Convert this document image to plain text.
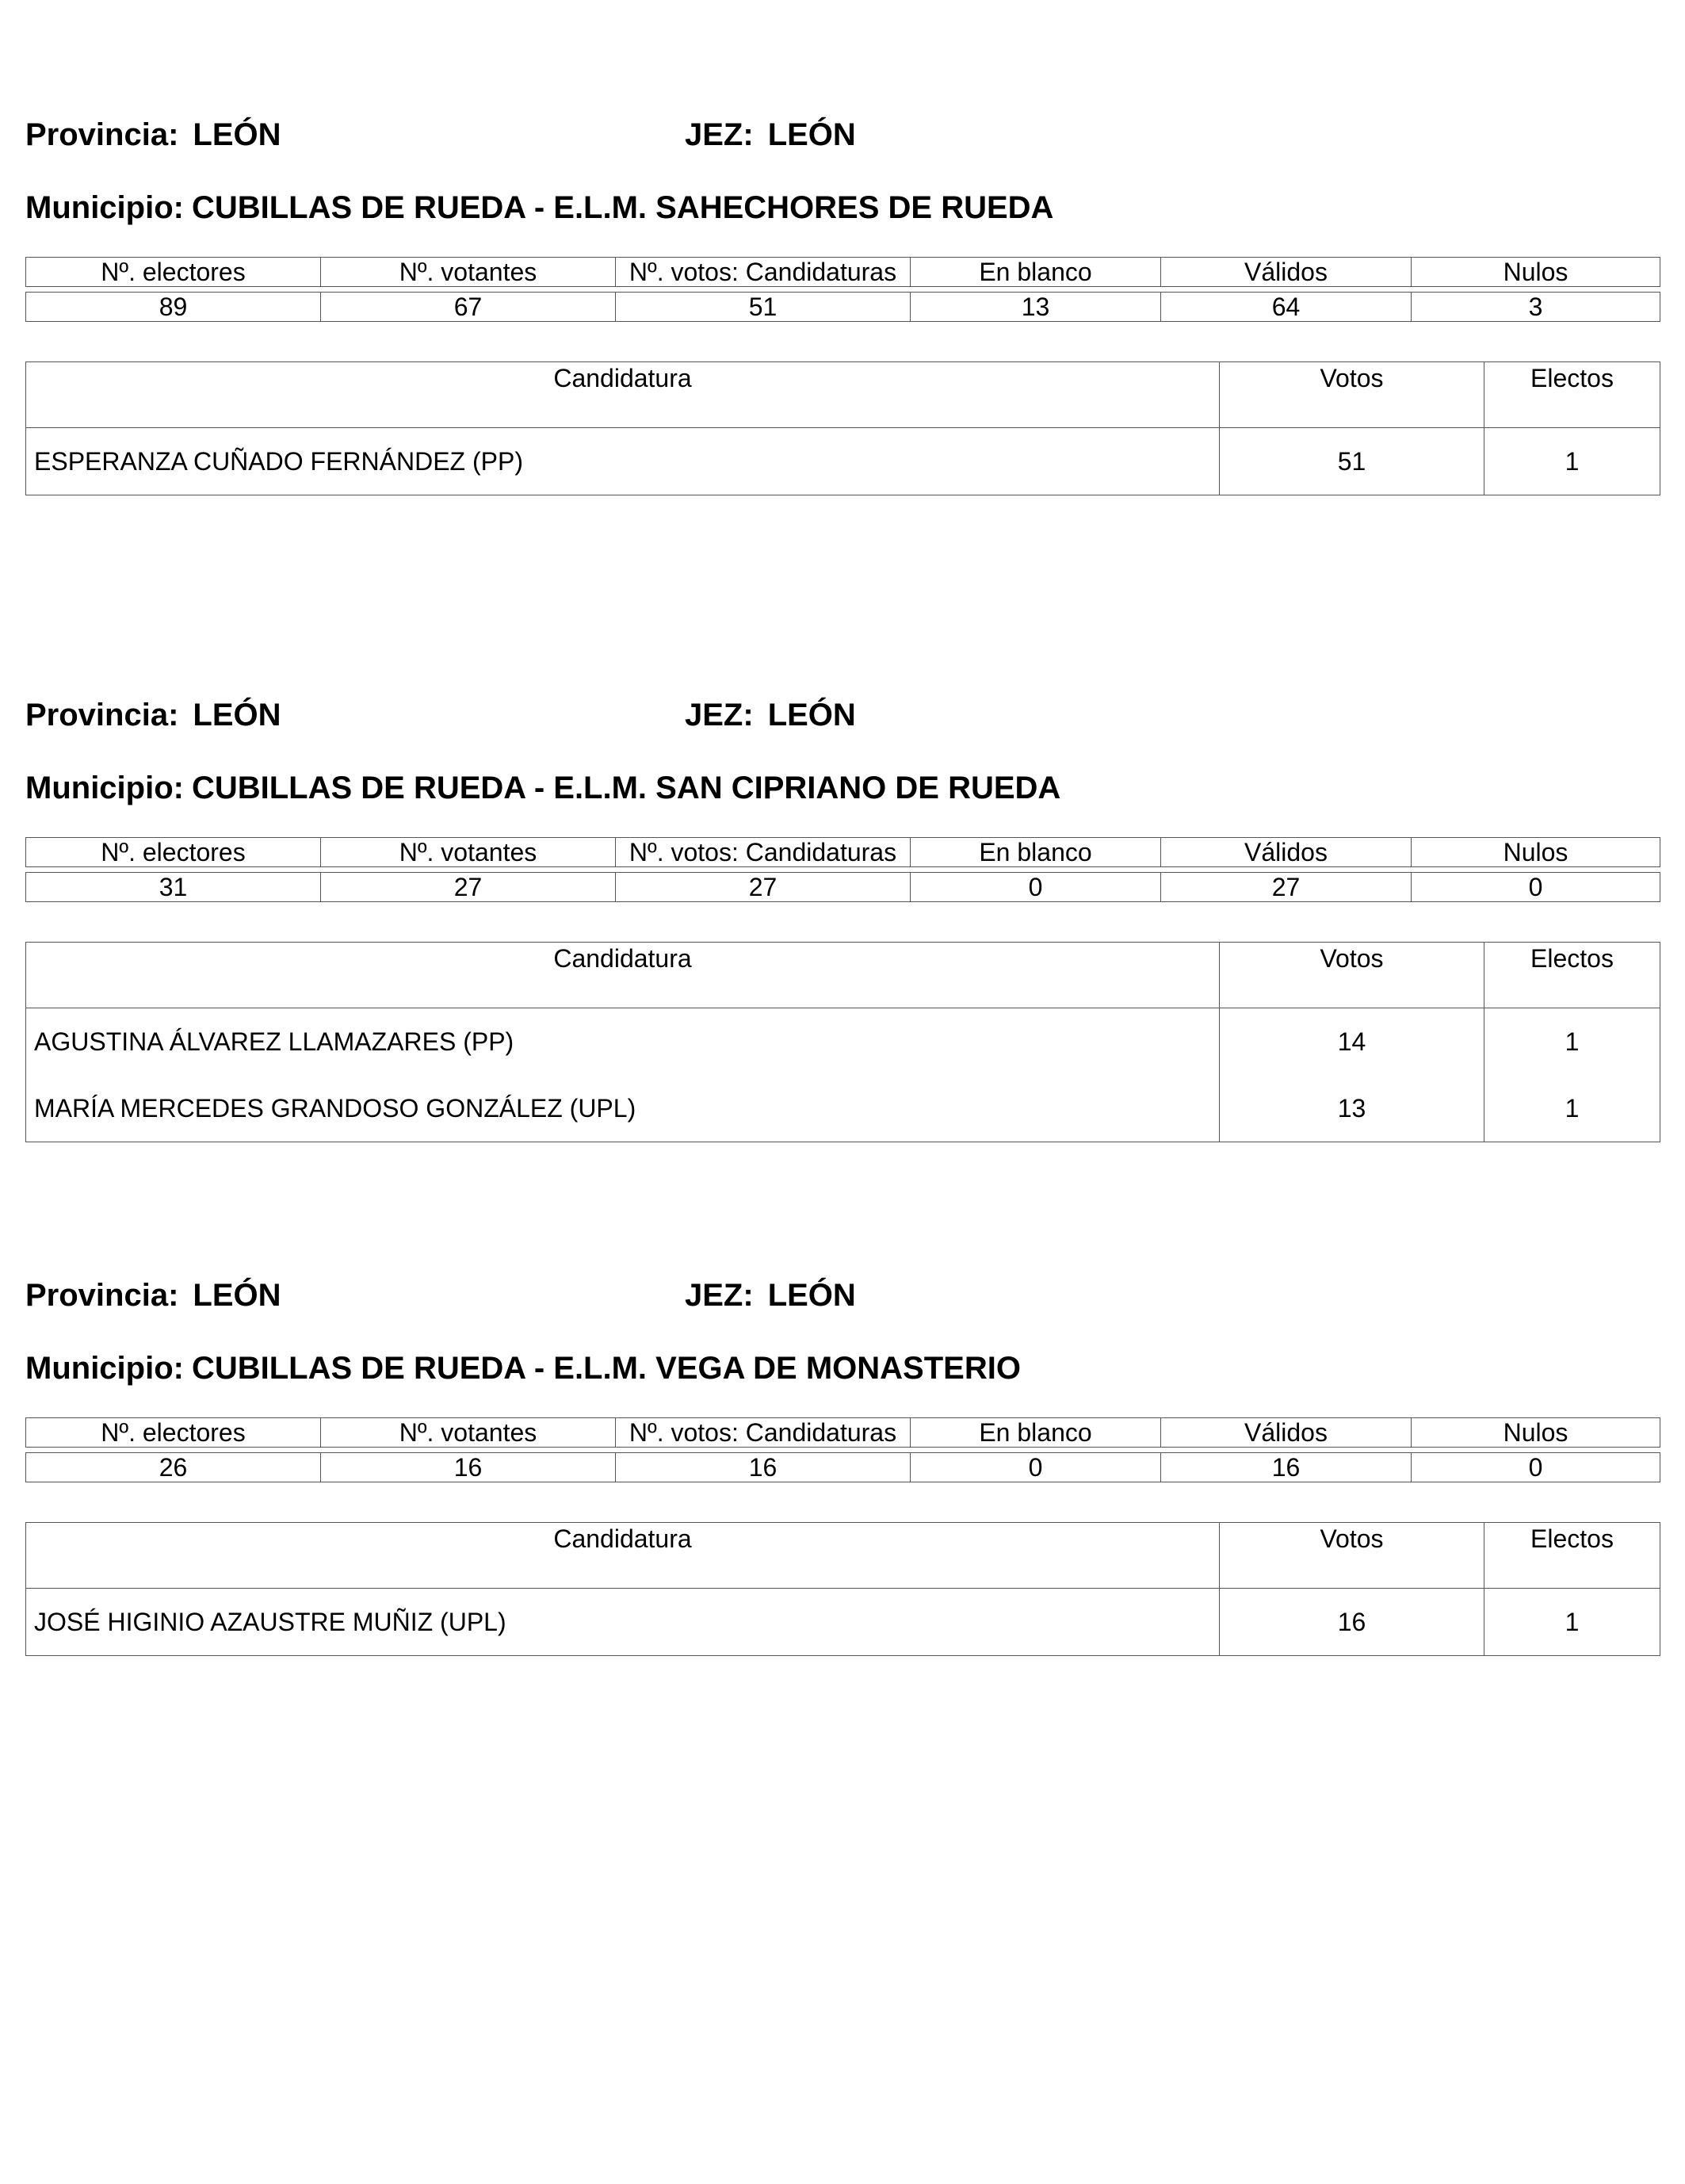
Provincia: LEÓN	JEZ: LEÓN
Municipio: CUBILLAS DE RUEDA - E.L.M. SAHECHORES DE RUEDA
Nº. electores	Nº. votantes	Nº. votos: Candidaturas	En blanco	Válidos	Nulos

89	67	51	13	64	3
Candidatura	Votos	Electos
ESPERANZA CUÑADO FERNÁNDEZ (PP)	51	1
Provincia: LEÓN	JEZ: LEÓN
Municipio: CUBILLAS DE RUEDA - E.L.M. SAN CIPRIANO DE RUEDA
Nº. electores	Nº. votantes	Nº. votos: Candidaturas	En blanco	Válidos	Nulos

31	27	27	0	27	0
Candidatura	Votos	Electos
AGUSTINA ÁLVAREZ LLAMAZARES (PP)	14	1
MARÍA MERCEDES GRANDOSO GONZÁLEZ (UPL)	13	1
Provincia: LEÓN	JEZ: LEÓN
Municipio: CUBILLAS DE RUEDA - E.L.M. VEGA DE MONASTERIO
Nº. electores	Nº. votantes	Nº. votos: Candidaturas	En blanco	Válidos	Nulos

26	16	16	0	16	0
Candidatura	Votos	Electos
JOSÉ HIGINIO AZAUSTRE MUÑIZ (UPL)	16	1
